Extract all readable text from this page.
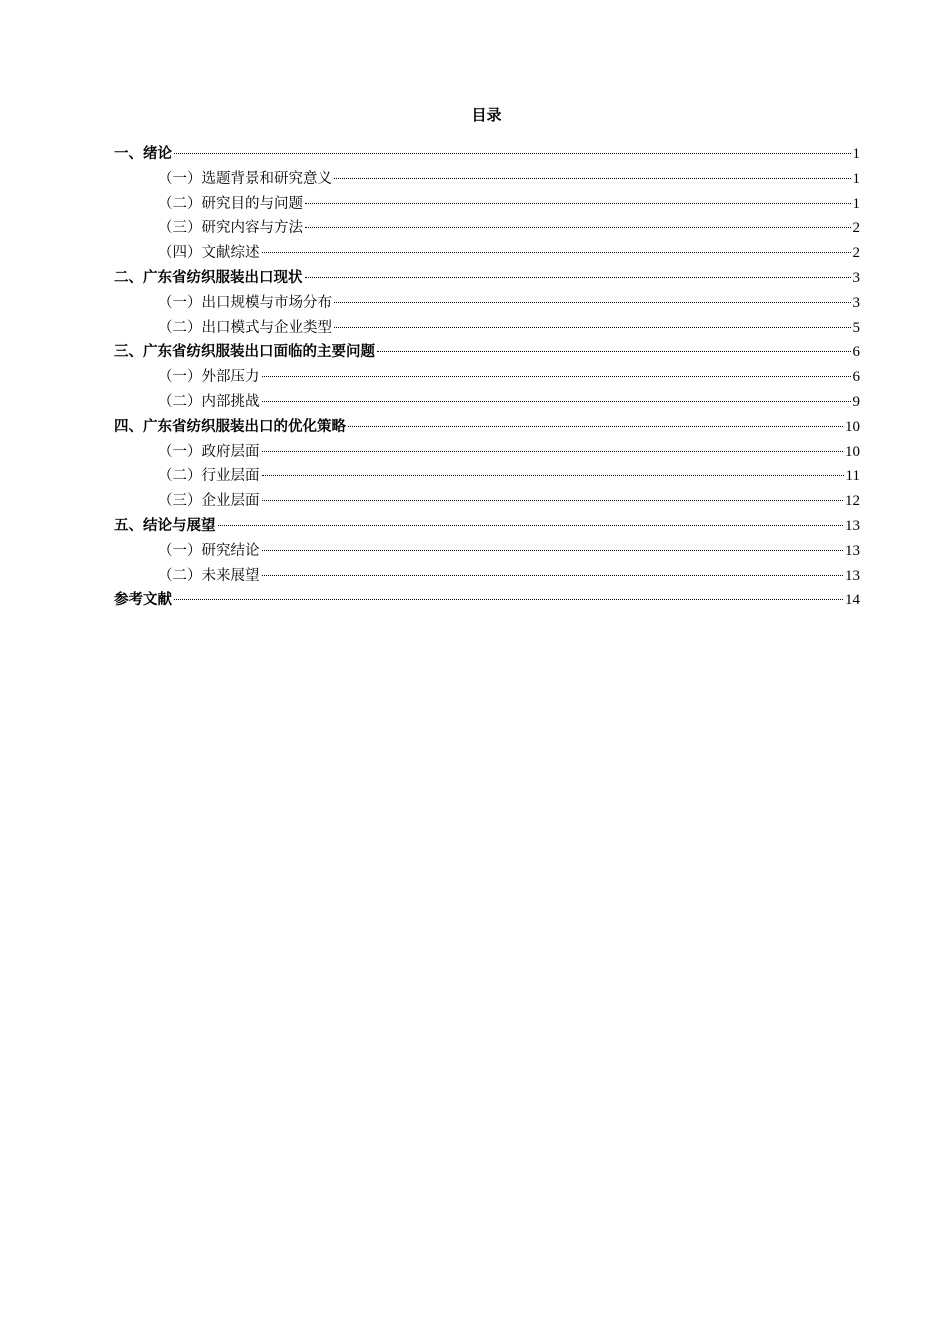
目录
一、绪论	1
（一）选题背景和研究意义	1
（二）研究目的与问题	1
（三）研究内容与方法	2
（四）文献综述	2
二、广东省纺织服装出口现状	3
（一）出口规模与市场分布	3
（二）出口模式与企业类型	5
三、广东省纺织服装出口面临的主要问题	6
（一）外部压力	6
（二）内部挑战	9
四、广东省纺织服装出口的优化策略	10
（一）政府层面	10
（二）行业层面	11
（三）企业层面	12
五、结论与展望	13
（一）研究结论	13
（二）未来展望	13
参考文献	14
